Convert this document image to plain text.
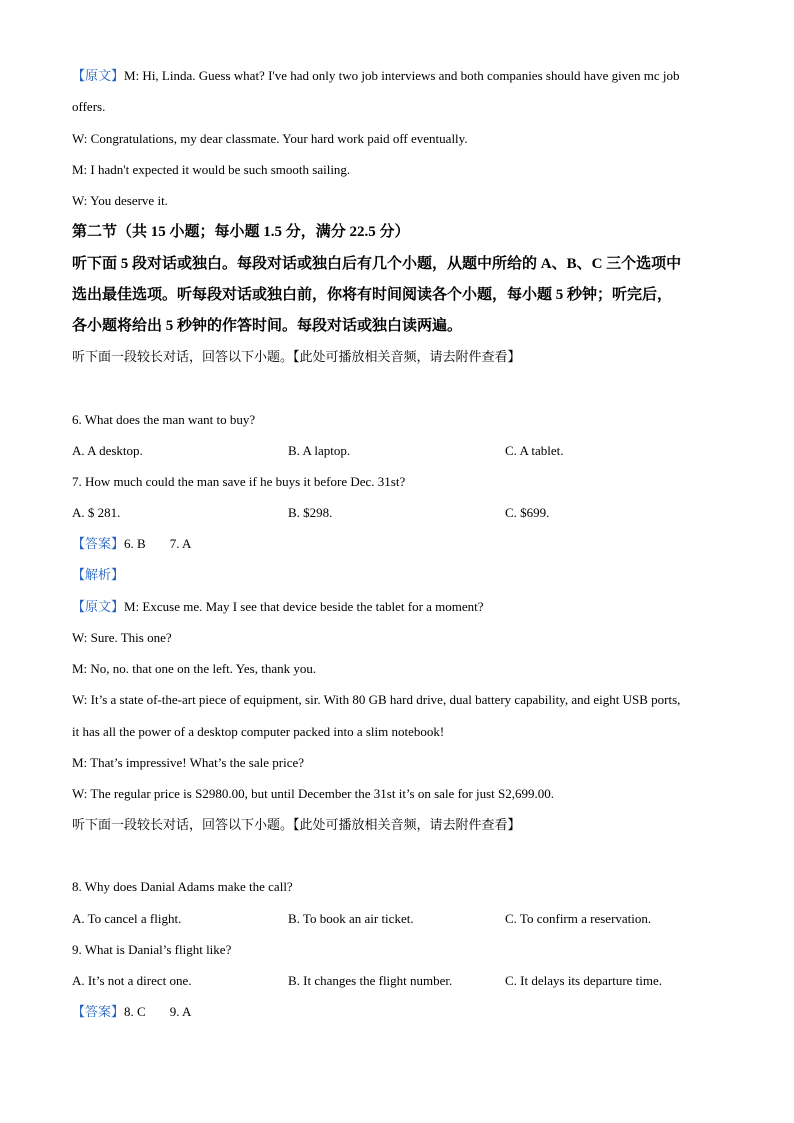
【原文】M: Hi, Linda. Guess what? I've had only two job interviews and both companies should have given mc job
offers.
W: Congratulations, my dear classmate. Your hard work paid off eventually.
M: I hadn't expected it would be such smooth sailing.
W: You deserve it.
第二节（共 15 小题；每小题 1.5 分，满分 22.5 分）
听下面 5 段对话或独白。每段对话或独白后有几个小题，从题中所给的 A、B、C 三个选项中
选出最佳选项。听每段对话或独白前，你将有时间阅读各个小题，每小题 5 秒钟；听完后，
各小题将给出 5 秒钟的作答时间。每段对话或独白读两遍。
听下面一段较长对话，回答以下小题。【此处可播放相关音频，请去附件查看】
6. What does the man want to buy?
A. A desktop.	B. A laptop.	C. A tablet.
7. How much could the man save if he buys it before Dec. 31st?
A. $ 281.	B. $298.	C. $699.
【答案】6. B 7. A
【解析】
【原文】M: Excuse me. May I see that device beside the tablet for a moment?
W: Sure. This one?
M: No, no. that one on the left. Yes, thank you.
W: It’s a state of-the-art piece of equipment, sir. With 80 GB hard drive, dual battery capability, and eight USB ports,
it has all the power of a desktop computer packed into a slim notebook!
M: That’s impressive! What’s the sale price?
W: The regular price is S2980.00, but until December the 31st it’s on sale for just S2,699.00.
听下面一段较长对话，回答以下小题。【此处可播放相关音频，请去附件查看】
8. Why does Danial Adams make the call?
A. To cancel a flight.	B. To book an air ticket.	C. To confirm a reservation.
9. What is Danial’s flight like?
A. It’s not a direct one.	B. It changes the flight number.	C. It delays its departure time.
【答案】8. C 9. A
